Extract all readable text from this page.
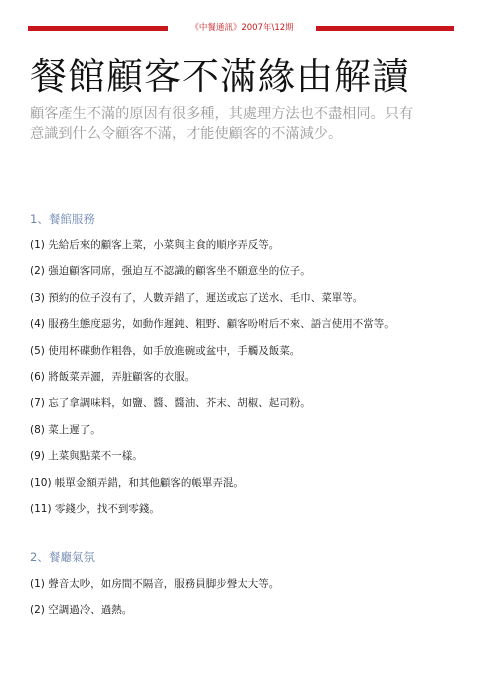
《中餐通訊》2007年\12期
餐館顧客不滿緣由解讀

顧客產生不滿的原因有很多種，其處理方法也不盡相同。只有

意識到什么令顧客不滿，才能使顧客的不滿減少。

1、餐館服務
(1) 先給后來的顧客上菜，小菜與主食的順序弄反等。
(2) 强迫顧客同席，强迫互不認識的顧客坐不願意坐的位子。
(3) 預約的位子沒有了，人數弄錯了，遲送或忘了送水、毛巾、菜單等。
(4) 服務生態度惡劣，如動作遲鈍、粗野、顧客吩咐后不來、語言使用不當等。
(5) 使用杯碟動作粗魯，如手放進碗或盆中，手觸及飯菜。
(6) 將飯菜弄灑，弄脏顧客的衣服。
(7) 忘了拿調味料，如鹽、醬、醬油、芥末、胡椒、起司粉。
(8) 菜上遲了。
(9) 上菜與點菜不一樣。
(10) 帳單金額弄錯，和其他顧客的帳單弄混。
(11) 零錢少，找不到零錢。
2、餐廳氣氛
(1) 聲音太吵，如房間不隔音，服務員脚步聲太大等。
(2) 空調過冷、過熱。
